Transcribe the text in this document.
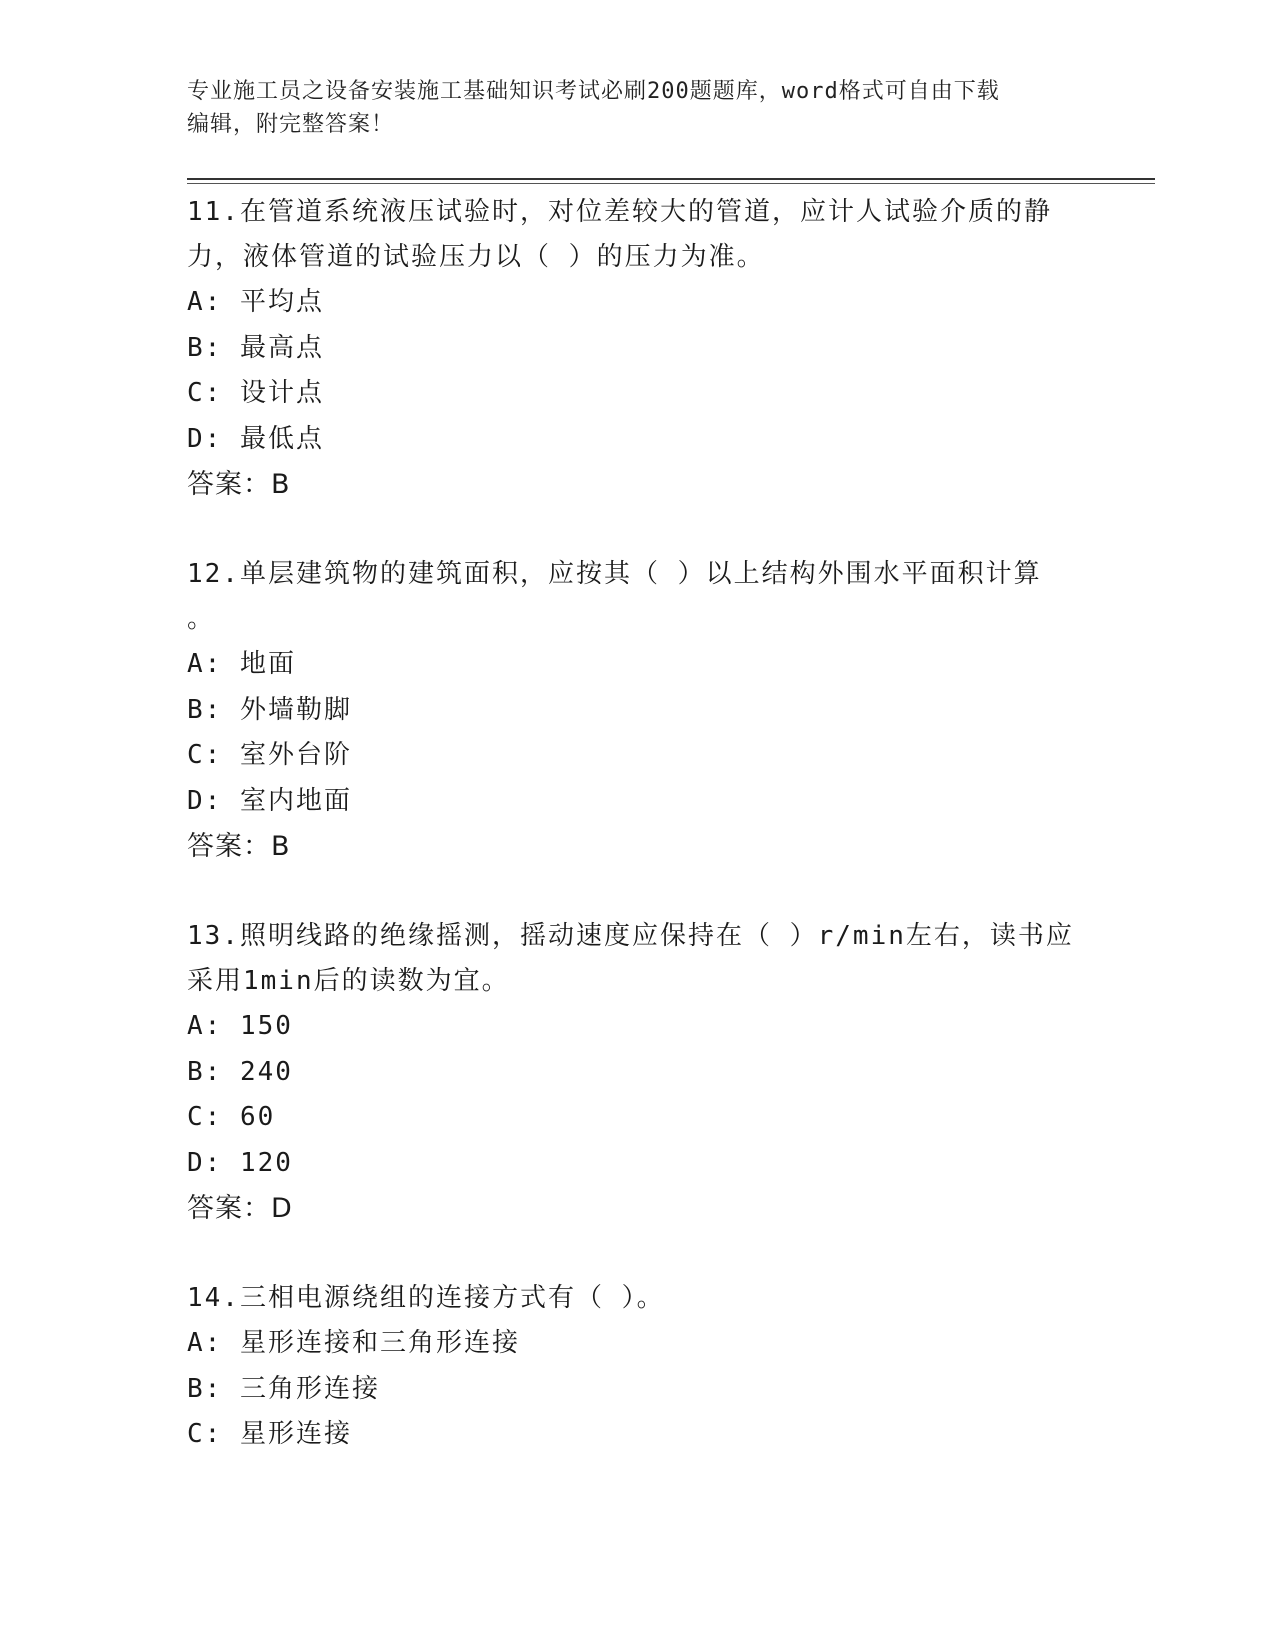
专业施工员之设备安装施工基础知识考试必刷200题题库，word格式可自由下载
编辑，附完整答案！

11.在管道系统液压试验时，对位差较大的管道，应计人试验介质的静

力，液体管道的试验压力以（ ）的压力为准。

A: 平均点

B: 最高点

C: 设计点

D: 最低点

答案：B

12.单层建筑物的建筑面积，应按其（ ）以上结构外围水平面积计算

。

A: 地面

B: 外墙勒脚

C: 室外台阶

D: 室内地面

答案：B

13.照明线路的绝缘摇测，摇动速度应保持在（ ）r/min左右，读书应

采用1min后的读数为宜。

A: 150

B: 240

C: 60

D: 120

答案：D

14.三相电源绕组的连接方式有（ ）。

A: 星形连接和三角形连接

B: 三角形连接

C: 星形连接
